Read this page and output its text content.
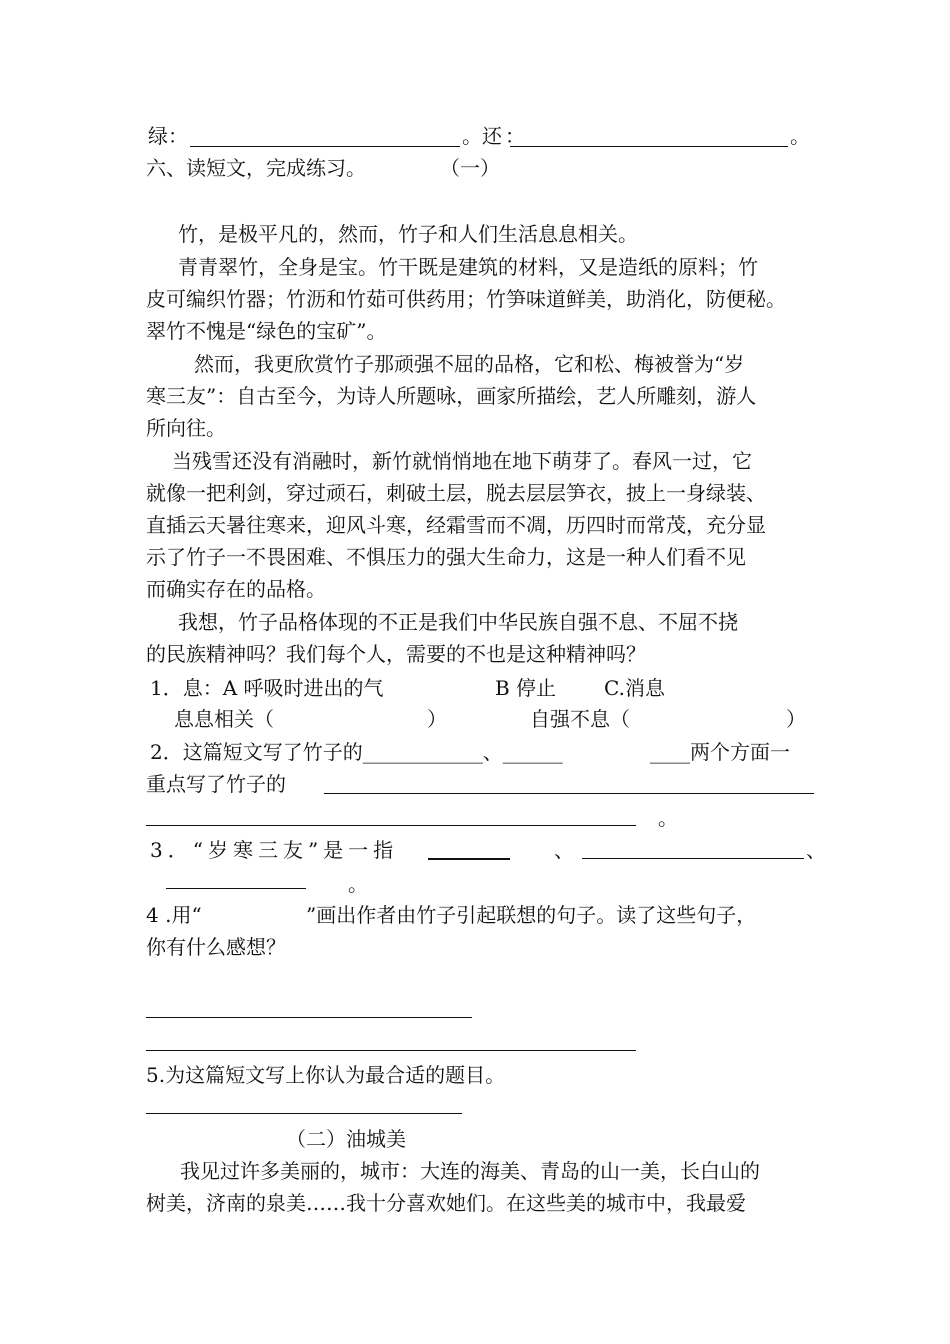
绿：	。还 ：	。
六、读短文，完成练习。	（一）
竹，是极平凡的，然而，竹子和人们生活息息相关。
青青翠竹，全身是宝。竹干既是建筑的材料，又是造纸的原料；竹
皮可编织竹器；竹沥和竹茹可供药用；竹笋味道鲜美，助消化，防便秘。
翠竹不愧是“绿色的宝矿”。
然而，我更欣赏竹子那顽强不屈的品格，它和松、梅被誉为“岁
寒三友”：自古至今，为诗人所题咏，画家所描绘，艺人所雕刻，游人
所向往。
当残雪还没有消融时，新竹就悄悄地在地下萌芽了。春风一过，它
就像一把利剑，穿过顽石，刺破土层，脱去层层笋衣，披上一身绿装、
直插云天暑往寒来，迎风斗寒，经霜雪而不凋，历四时而常茂，充分显
示了竹子一不畏困难、不惧压力的强大生命力，这是一种人们看不见
而确实存在的品格。
我想，竹子品格体现的不正是我们中华民族自强不息、不屈不挠
的民族精神吗？我们每个人，需要的不也是这种精神吗？
1．息：A 呼吸时进出的气	B 停止 C.消息
息息相关（	）	自强不息（	）
2．这篇短文写了竹子的____________、______	____两个方面一
重点写了竹子的
。
3．“岁寒三友”是一指	、	、
。
4 .用“	”画出作者由竹子引起联想的句子。读了这些句子，
你有什么感想？
5.为这篇短文写上你认为最合适的题目。
（二）油城美
我见过许多美丽的，城市：大连的海美、青岛的山一美，长白山的
树美，济南的泉美……我十分喜欢她们。在这些美的城市中，我最爱
